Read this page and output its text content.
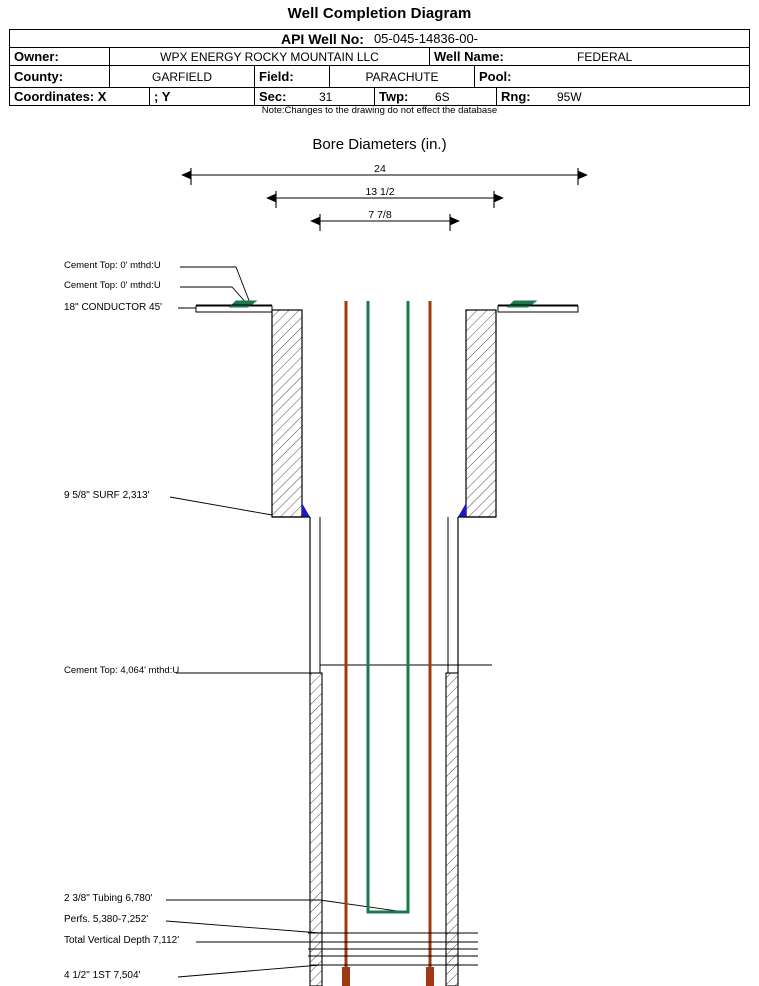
Well Completion Diagram
API Well No: 05-045-14836-00-
Owner:	WPX ENERGY ROCKY MOUNTAIN LLC	Well Name:	FEDERAL
County:	GARFIELD	Field:	PARACHUTE	Pool:
Coordinates: X	; Y	Sec:	31	Twp: 6S	Rng: 95W
Note:Changes to the drawing do not effect the database
Bore Diameters (in.)
24
13 1/2
7 7/8
Cement Top: 0' mthd:U
Cement Top: 0' mthd:U
18" CONDUCTOR 45'
9 5/8" SURF 2,313'
Cement Top: 4,064' mthd:U
2 3/8" Tubing 6,780'
Perfs. 5,380-7,252'
Total Vertical Depth 7,112'
4 1/2" 1ST 7,504'
